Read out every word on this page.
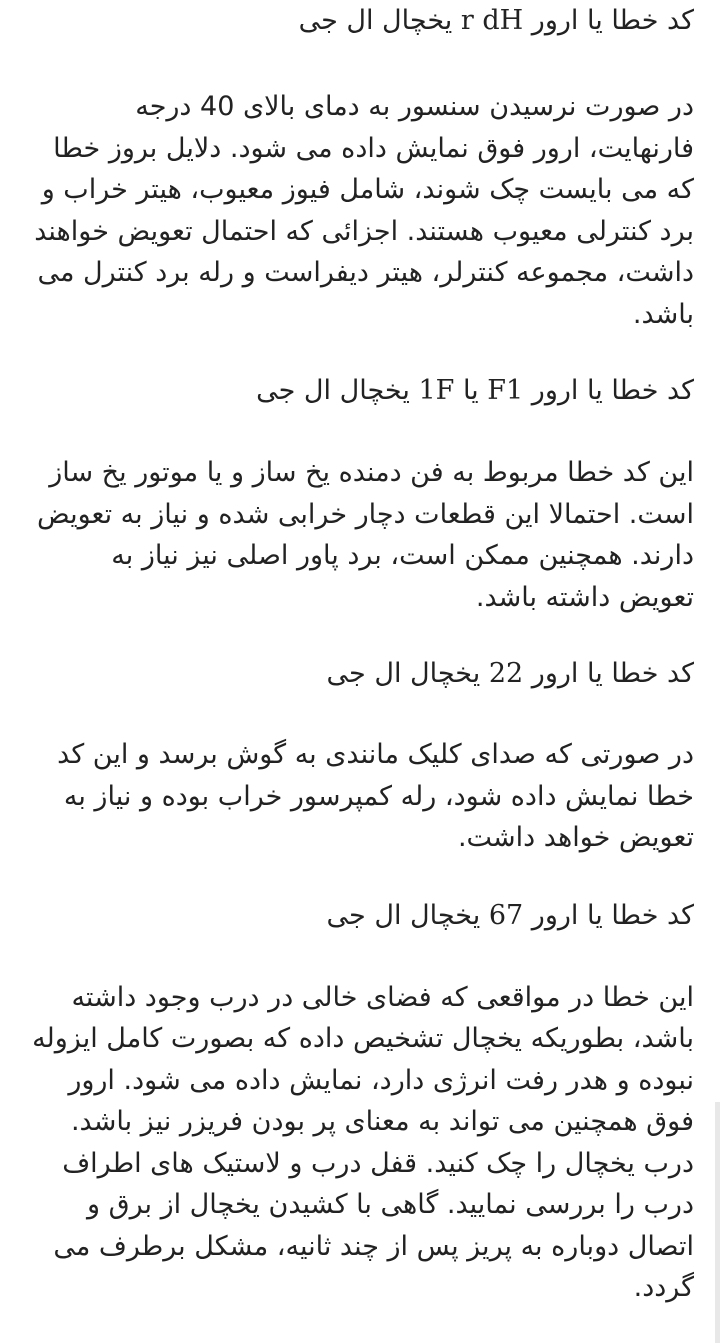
کد خطا یا ارور r dH یخچال ال جی

در صورت نرسیدن سنسور به دمای بالای 40 درجه فارنهایت، ارور فوق نمایش داده می شود. دلایل بروز خطا که می بایست چک شوند، شامل فیوز معیوب، هیتر خراب و برد کنترلی معیوب هستند. اجزائی که احتمال تعویض خواهند داشت، مجموعه کنترلر، هیتر دیفراست و رله برد کنترل می باشد.

کد خطا یا ارور 1F یا F1 یخچال ال جی

این کد خطا مربوط به فن دمنده یخ ساز و یا موتور یخ ساز است. احتمالا این قطعات دچار خرابی شده و نیاز به تعویض دارند. همچنین ممکن است، برد پاور اصلی نیز نیاز به تعویض داشته باشد.

کد خطا یا ارور 22 یخچال ال جی

در صورتی که صدای کلیک مانندی به گوش برسد و این کد خطا نمایش داده شود، رله کمپرسور خراب بوده و نیاز به تعویض خواهد داشت.

کد خطا یا ارور 67 یخچال ال جی

این خطا در مواقعی که فضای خالی در درب وجود داشته باشد، بطوریکه یخچال تشخیص داده که بصورت کامل ایزوله نبوده و هدر رفت انرژی دارد، نمایش داده می شود. ارور فوق همچنین می تواند به معنای پر بودن فریزر نیز باشد. درب یخچال را چک کنید. قفل درب و لاستیک های اطراف درب را بررسی نمایید. گاهی با کشیدن یخچال از برق و اتصال دوباره به پریز پس از چند ثانیه، مشکل برطرف می گردد.
